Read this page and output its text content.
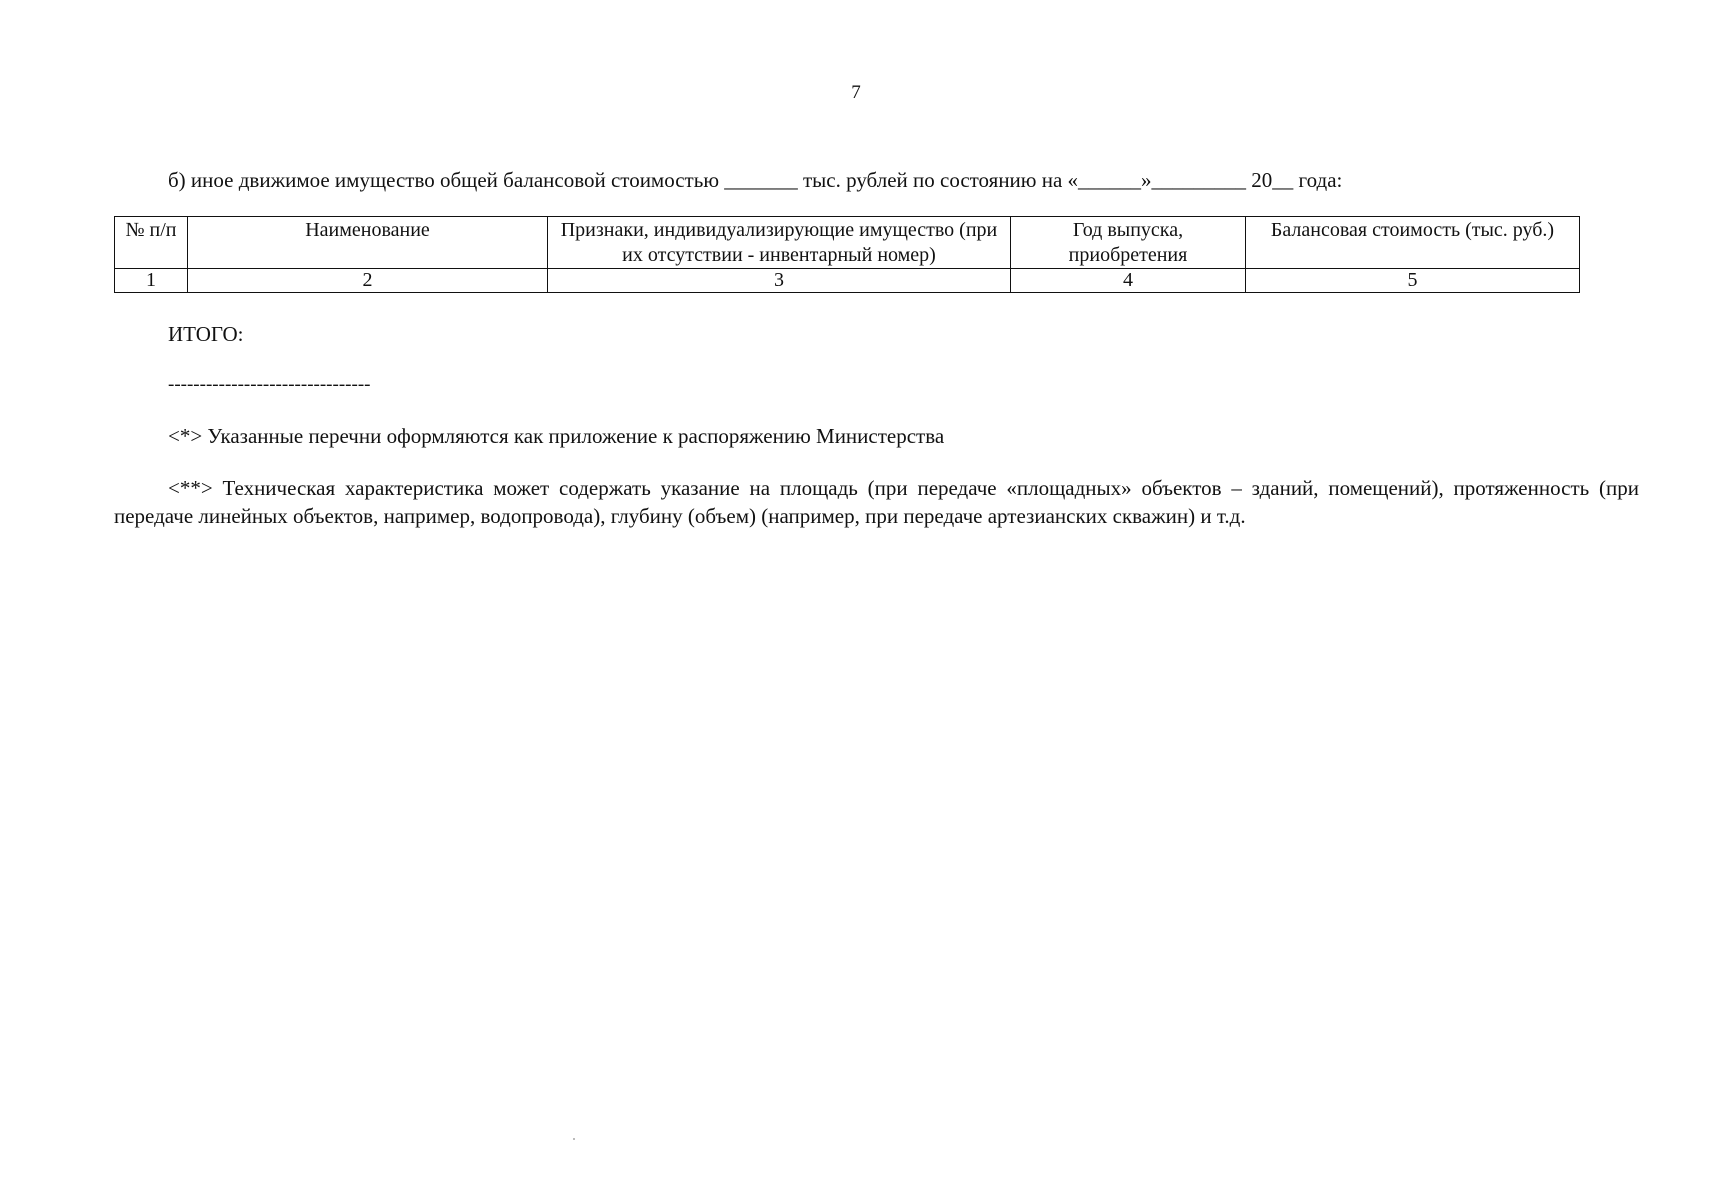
7
б) иное движимое имущество общей балансовой стоимостью _______ тыс. рублей по состоянию на «______»_________ 20__ года:
№ п/п	Наименование	Признаки, индивидуализирующие имущество (при их отсутствии - инвентарный номер)	Год выпуска, приобретения	Балансовая стоимость (тыс. руб.)
1	2	3	4	5
ИТОГО:
--------------------------------
<*> Указанные перечни оформляются как приложение к распоряжению Министерства
<**> Техническая характеристика может содержать указание на площадь (при передаче «площадных» объектов – зданий, помещений), протяженность (при передаче линейных объектов, например, водопровода), глубину (объем) (например, при передаче артезианских скважин) и т.д.
